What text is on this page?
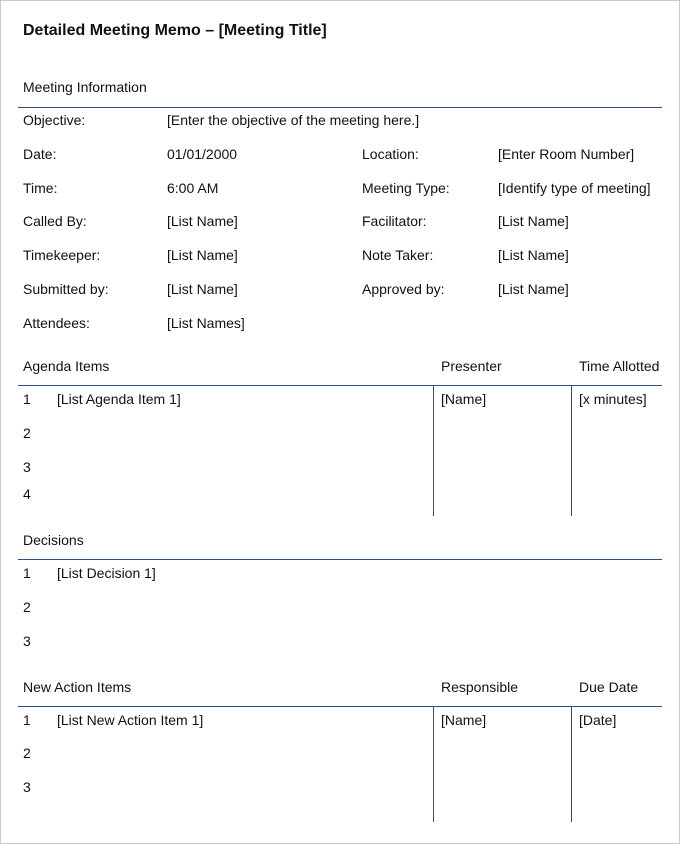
Detailed Meeting Memo – [Meeting Title]
Meeting Information
Objective:	[Enter the objective of the meeting here.]
Date:	01/01/2000	Location:	[Enter Room Number]
Time:	6:00 AM	Meeting Type:	[Identify type of meeting]
Called By:	[List Name]	Facilitator:	[List Name]
Timekeeper:	[List Name]	Note Taker:	[List Name]
Submitted by:	[List Name]	Approved by:	[List Name]
Attendees:	[List Names]
Agenda Items	Presenter	Time Allotted
1 [List Agenda Item 1]	[Name]	[x minutes]
2
3
4
Decisions
1 [List Decision 1]
2
3
New Action Items	Responsible	Due Date
1 [List New Action Item 1]	[Name]	[Date]
2
3
